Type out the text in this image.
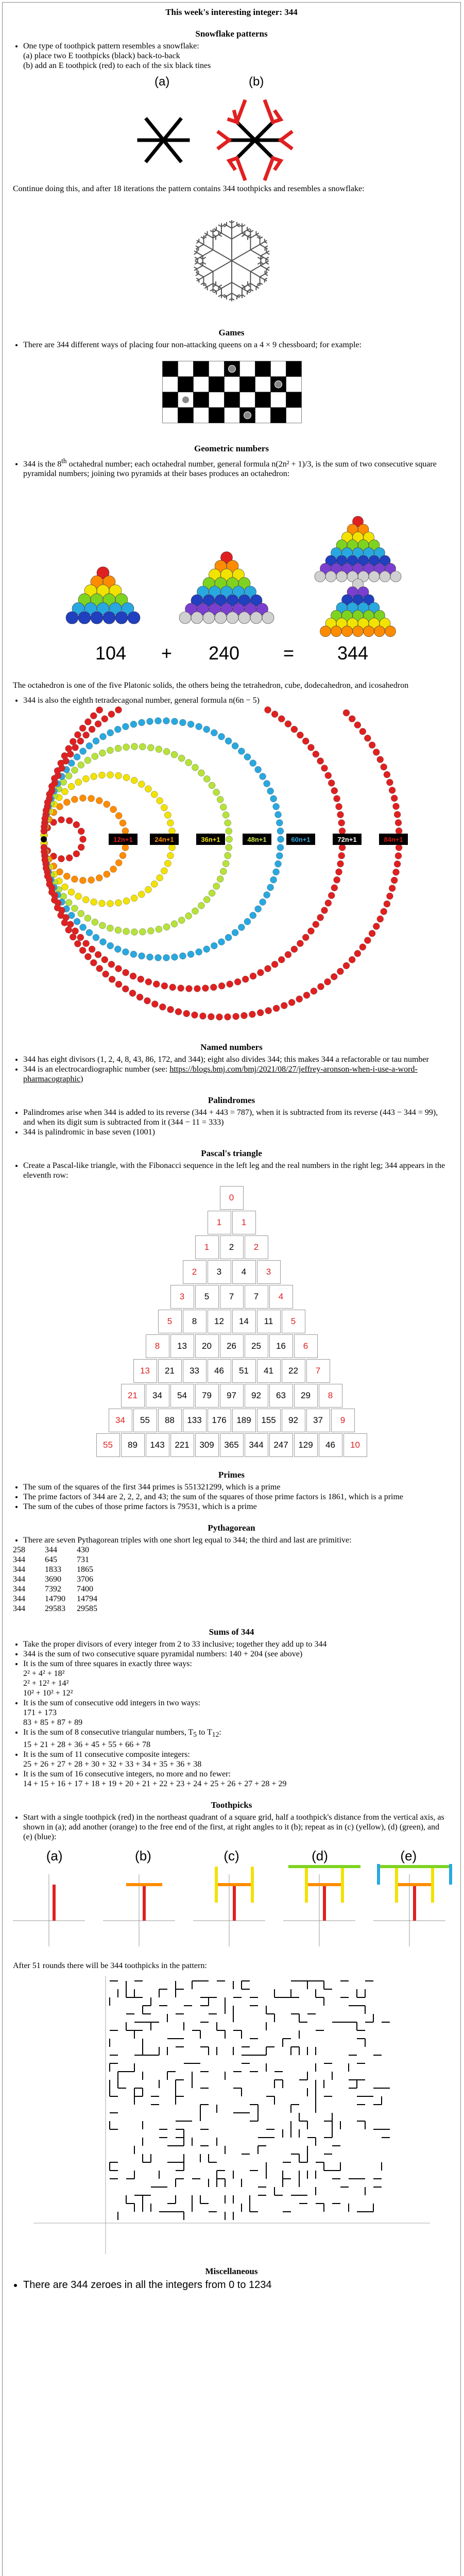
This week's interesting integer: 344
Snowflake patterns
• One type of toothpick pattern resembles a snowflake:
(a) place two E toothpicks (black) back-to-back
(b) add an E toothpick (red) to each of the six black tines
(a)	(b)

Continue doing this, and after 18 iterations the pattern contains 344 toothpicks and resembles a snowflake:

Games
• There are 344 different ways of placing four non-attacking queens on a 4 × 9 chessboard; for example:
Geometric numbers
• 344 is the 8th octahedral number; each octahedral number, general formula n(2n² + 1)/3, is the sum of two consecutive square pyramidal numbers; joining two pyramids at their bases produces an octahedron:
104 + 240 = 344

The octahedron is one of the five Platonic solids, the others being the tetrahedron, cube, dodecahedron, and icosahedron

• 344 is also the eighth tetradecagonal number, general formula n(6n − 5)
12n+1	24n+1	36n+1	48n+1	60n+1	72n+1	84n+1
Named numbers
• 344 has eight divisors (1, 2, 4, 8, 43, 86, 172, and 344); eight also divides 344; this makes 344 a refactorable or tau number
• 344 is an electrocardiographic number (see: https://blogs.bmj.com/bmj/2021/08/27/jeffrey-aronson-when-i-use-a-word-pharmacographic)
Palindromes
• Palindromes arise when 344 is added to its reverse (344 + 443 = 787), when it is subtracted from its reverse (443 − 344 = 99), and when its digit sum is subtracted from it (344 − 11 = 333)
• 344 is palindromic in base seven (1001)
Pascal's triangle
• Create a Pascal-like triangle, with the Fibonacci sequence in the left leg and the real numbers in the right leg; 344 appears in the eleventh row:
0
1	1
1	2	2
2	3	4	3
3	5	7	7	4
5	8	12	14	11	5
8	13	20	26	25	16	6
13	21	33	46	51	41	22	7
21	34	54	79	97	92	63	29	8
34	55	88	133	176	189	155	92	37	9
55	89	143	221	309	365	344	247	129	46	10
Primes
• The sum of the squares of the first 344 primes is 551321299, which is a prime
• The prime factors of 344 are 2, 2, 2, and 43; the sum of the squares of those prime factors is 1861, which is a prime
• The sum of the cubes of those prime factors is 79531, which is a prime
Pythagorean
• There are seven Pythagorean triples with one short leg equal to 344; the third and last are primitive:
258	344	430
344	645	731
344	1833	1865
344	3690	3706
344	7392	7400
344	14790	14794
344	29583	29585
Sums of 344
• Take the proper divisors of every integer from 2 to 33 inclusive; together they add up to 344
• 344 is the sum of two consecutive square pyramidal numbers: 140 + 204 (see above)
• It is the sum of three squares in exactly three ways:
2² + 4² + 18²
2² + 12² + 14²
10² + 10² + 12²
• It is the sum of consecutive odd integers in two ways:
171 + 173
83 + 85 + 87 + 89
• It is the sum of 8 consecutive triangular numbers, $T_5$ to $T_{12}$:
15 + 21 + 28 + 36 + 45 + 55 + 66 + 78
• It is the sum of 11 consecutive composite integers:
25 + 26 + 27 + 28 + 30 + 32 + 33 + 34 + 35 + 36 + 38
• It is the sum of 16 consecutive integers, no more and no fewer:
14 + 15 + 16 + 17 + 18 + 19 + 20 + 21 + 22 + 23 + 24 + 25 + 26 + 27 + 28 + 29
Toothpicks
• Start with a single toothpick (red) in the northeast quadrant of a square grid, half a toothpick's distance from the vertical axis, as shown in (a); add another (orange) to the free end of the first, at right angles to it (b); repeat as in (c) (yellow), (d) (green), and (e) (blue):
(a)	(b)	(c)	(d)	(e)

After 51 rounds there will be 344 toothpicks in the pattern:

Miscellaneous
• There are 344 zeroes in all the integers from 0 to 1234
